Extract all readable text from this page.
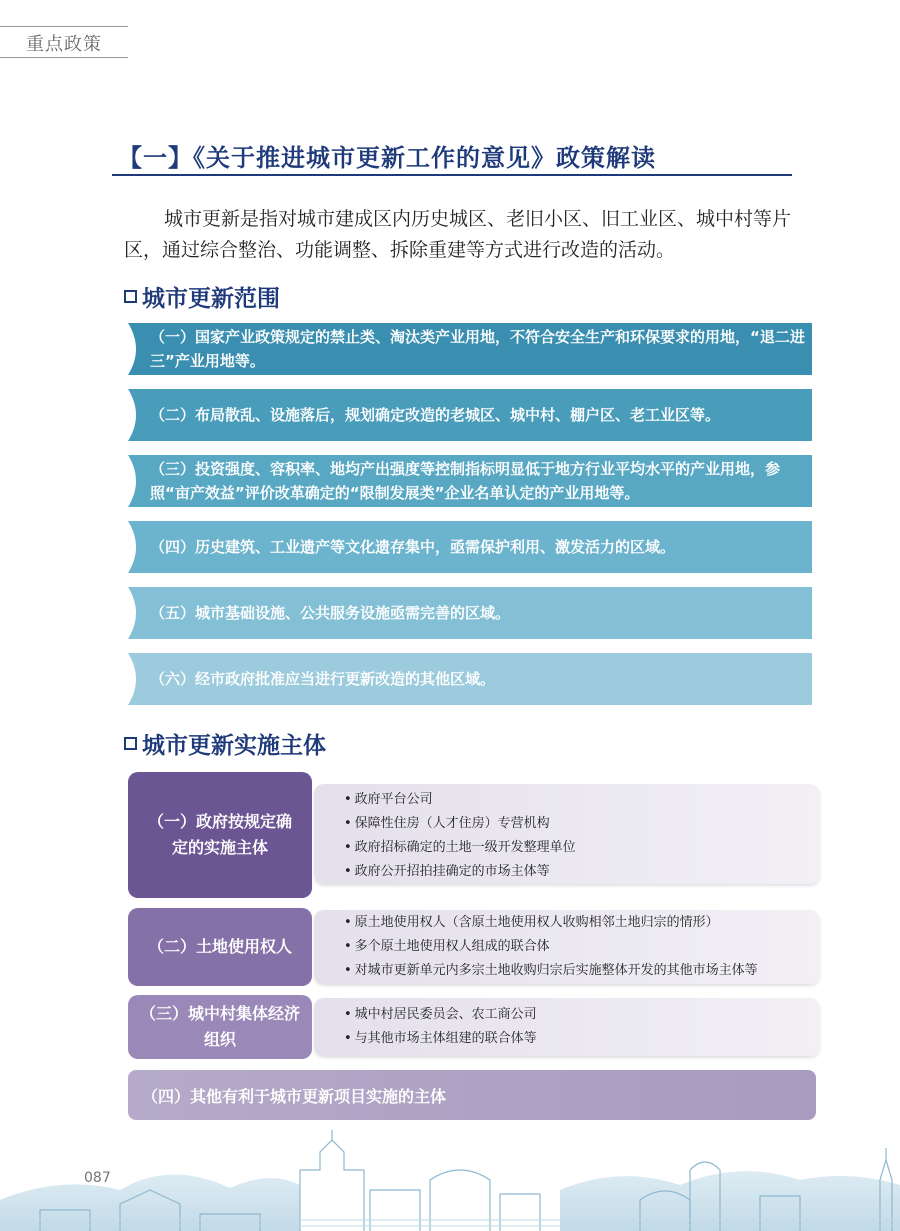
重点政策
【一】《关于推进城市更新工作的意见》政策解读
城市更新是指对城市建成区内历史城区、老旧小区、旧工业区、城中村等片区，通过综合整治、功能调整、拆除重建等方式进行改造的活动。
城市更新范围
（一）国家产业政策规定的禁止类、淘汰类产业用地，不符合安全生产和环保要求的用地，“退二进三”产业用地等。
（二）布局散乱、设施落后，规划确定改造的老城区、城中村、棚户区、老工业区等。
（三）投资强度、容积率、地均产出强度等控制指标明显低于地方行业平均水平的产业用地，参照“亩产效益”评价改革确定的“限制发展类”企业名单认定的产业用地等。
（四）历史建筑、工业遗产等文化遗存集中，亟需保护利用、激发活力的区域。
（五）城市基础设施、公共服务设施亟需完善的区域。
（六）经市政府批准应当进行更新改造的其他区域。
城市更新实施主体
（一）政府按规定确定的实施主体
• 政府平台公司
• 保障性住房（人才住房）专营机构
• 政府招标确定的土地一级开发整理单位
• 政府公开招拍挂确定的市场主体等
（二）土地使用权人
• 原土地使用权人（含原土地使用权人收购相邻土地归宗的情形）
• 多个原土地使用权人组成的联合体
• 对城市更新单元内多宗土地收购归宗后实施整体开发的其他市场主体等
（三）城中村集体经济组织
• 城中村居民委员会、农工商公司
• 与其他市场主体组建的联合体等
（四）其他有利于城市更新项目实施的主体
087
